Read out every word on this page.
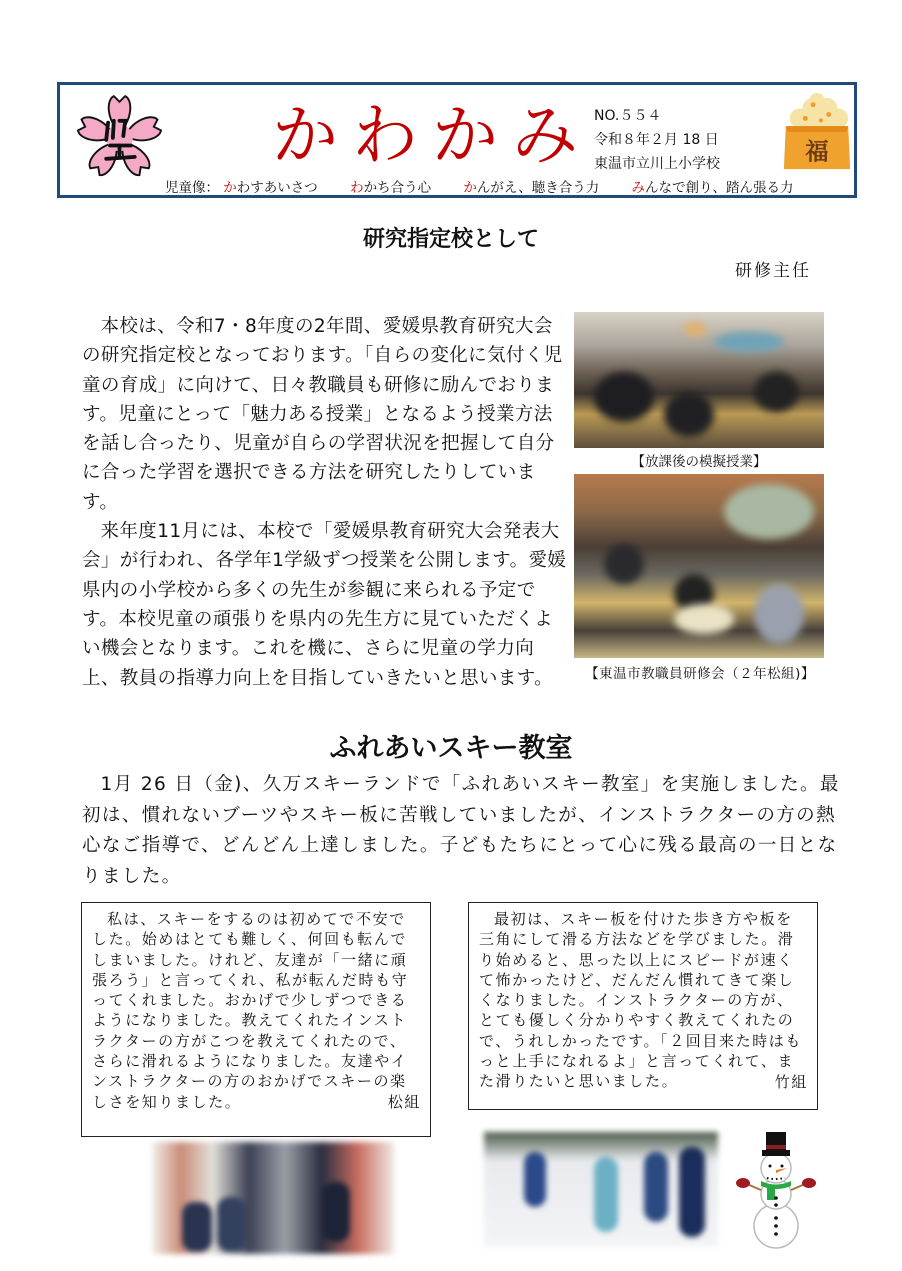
かわかみ NO.５５４
令和８年２月 18 日
東温市立川上小学校	福
児童像： かわすあいさつ わかち合う心 かんがえ、聴き合う力 みんなで創り、踏ん張る力
研究指定校として
研修主任

本校は、令和7・8年度の2年間、愛媛県教育研究大会の研究指定校となっております。「自らの変化に気付く児童の育成」に向けて、日々教職員も研修に励んでおります。児童にとって「魅力ある授業」となるよう授業方法を話し合ったり、児童が自らの学習状況を把握して自分に合った学習を選択できる方法を研究したりしています。

来年度11月には、本校で「愛媛県教育研究大会発表大会」が行われ、各学年1学級ずつ授業を公開します。愛媛県内の小学校から多くの先生が参観に来られる予定です。本校児童の頑張りを県内の先生方に見ていただくよい機会となります。これを機に、さらに児童の学力向上、教員の指導力向上を目指していきたいと思います。

【放課後の模擬授業】
【東温市教職員研修会（２年松組)】
ふれあいスキー教室

1月 26 日（金)、久万スキーランドで「ふれあいスキー教室」を実施しました。最初は、慣れないブーツやスキー板に苦戦していましたが、インストラクターの方の熱心なご指導で、どんどん上達しました。子どもたちにとって心に残る最高の一日となりました。

私は、スキーをするのは初めてで不安でした。始めはとても難しく、何回も転んでしまいました。けれど、友達が「一緒に頑張ろう」と言ってくれ、私が転んだ時も守ってくれました。おかげで少しずつできるようになりました。教えてくれたインストラクターの方がこつを教えてくれたので、さらに滑れるようになりました。友達やインストラクターの方のおかげでスキーの楽しさを知りました。	松組

最初は、スキー板を付けた歩き方や板を三角にして滑る方法などを学びました。滑り始めると、思った以上にスピードが速くて怖かったけど、だんだん慣れてきて楽しくなりました。インストラクターの方が、とても優しく分かりやすく教えてくれたので、うれしかったです。「２回目来た時はもっと上手になれるよ」と言ってくれて、また滑りたいと思いました。	竹組
